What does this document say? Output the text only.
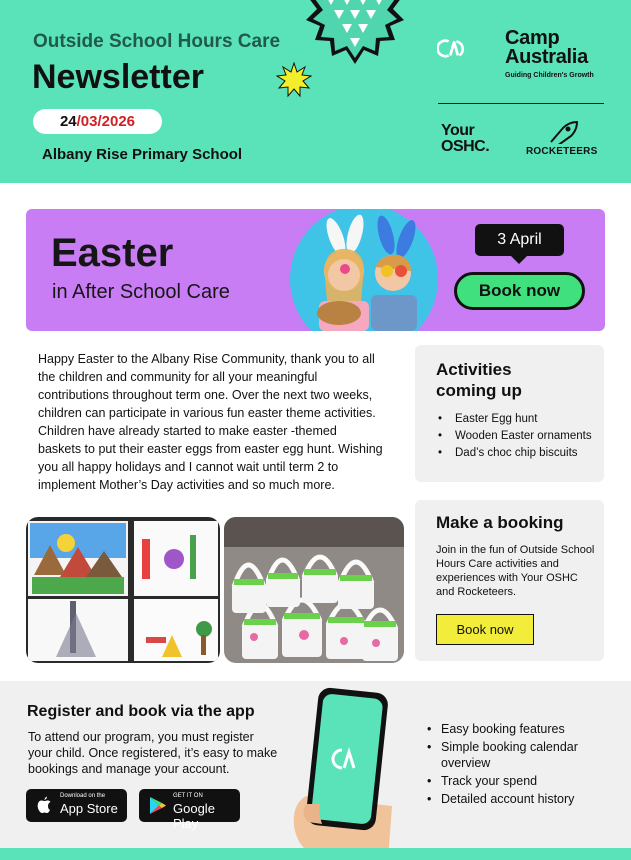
Outside School Hours Care
Newsletter
24/03/2026
Albany Rise Primary School
Camp
Australia
Guiding Children's Growth
Your
OSHC.	ROCKETEERS
Easter
in After School Care
3 April
Book now

Happy Easter to the Albany Rise Community, thank you to all the children and community for all your meaningful contributions throughout term one. Over the next two weeks, children can participate in various fun easter theme activities. Children have already started to make easter -themed baskets to put their easter eggs from easter egg hunt. Wishing you all happy holidays and I cannot wait until term 2 to implement Mother’s Day activities and so much more.

Activities
coming up
• Easter Egg hunt
• Wooden Easter ornaments
• Dad’s choc chip biscuits
Make a booking

Join in the fun of Outside School Hours Care activities and experiences with Your OSHC and Rocketeers.

Book now
Register and book via the app

To attend our program, you must register your child. Once registered, it’s easy to make bookings and manage your account.

Download on the
App Store
GET IT ON
Google Play
• Easy booking features
• Simple booking calendar overview
• Track your spend
• Detailed account history
